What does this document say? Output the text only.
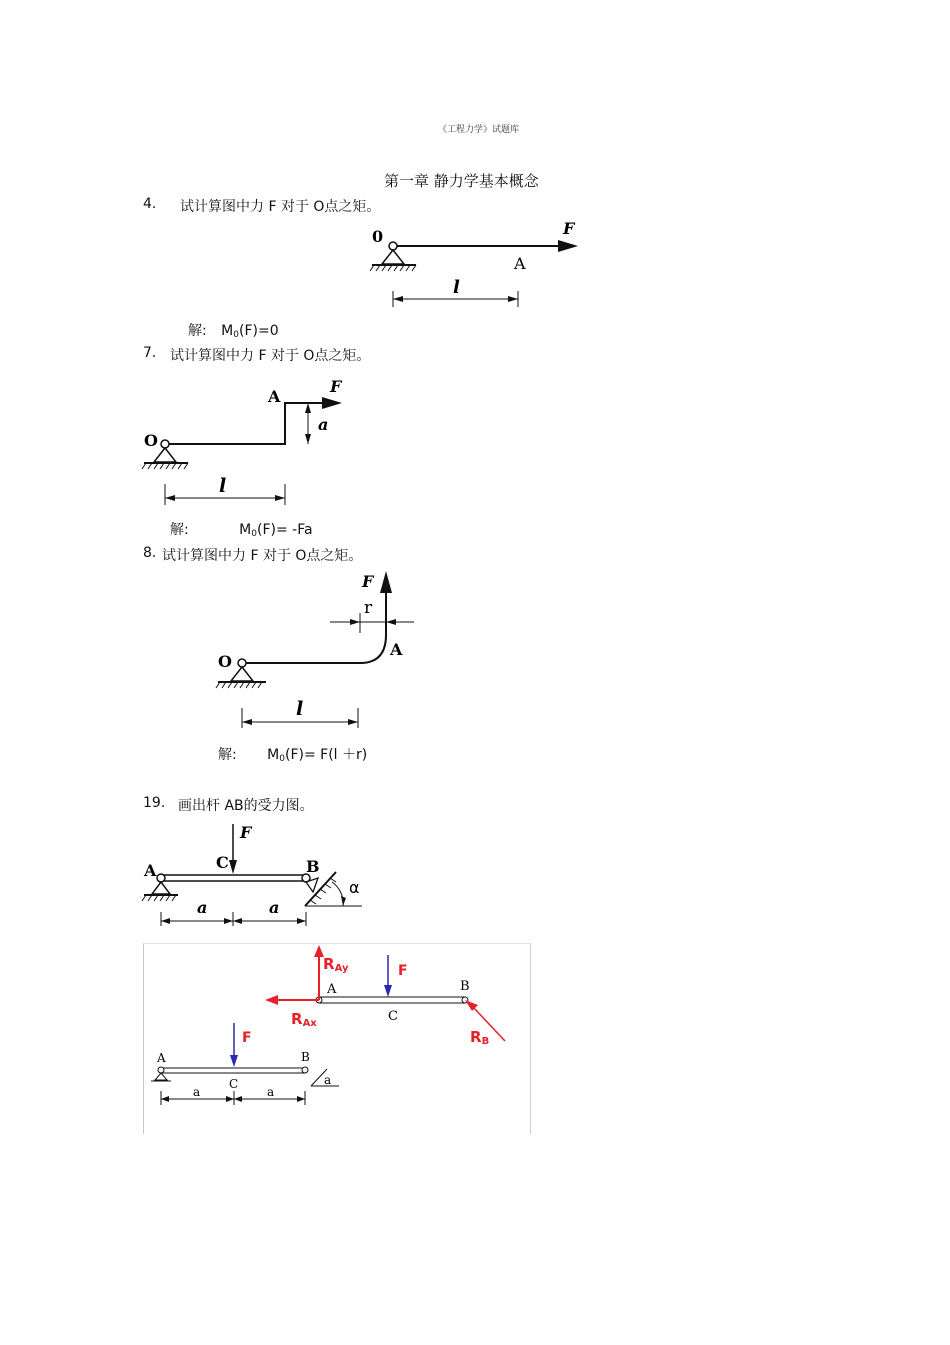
《工程力学》试题库
第一章 静力学基本概念
4. 试计算图中力 F 对于 O点之矩。
0
A
F
l
解: $M_0(F)=0$
7. 试计算图中力 F 对于 O点之矩。
O
A
F
a
l
解:	$M_0(F)= -Fa$
8. 试计算图中力 F 对于 O点之矩。
O
A
F
r
l
解: $M_0(F)= F(l +r)$
19. 画出杆 AB的受力图。
A	C	B
F
α
a	a
RAy
RAx
RB
F
A	B
C
F
A	B
C	a
a	a
